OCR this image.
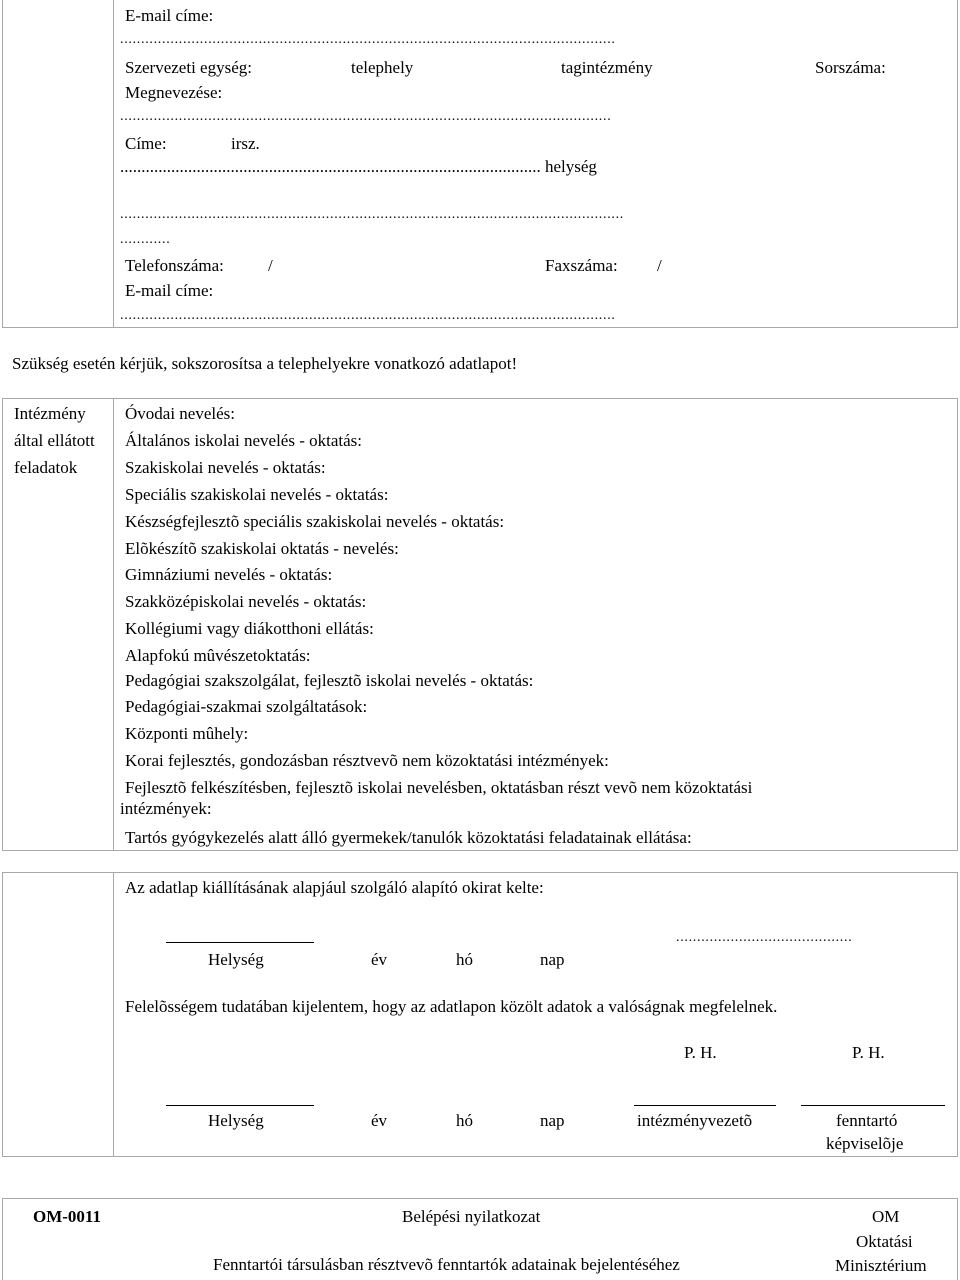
E-mail címe:
......................................................................................................................
Szervezeti egység:	telephely	tagintézmény	Sorszáma:
Megnevezése:
.....................................................................................................................
Címe:	irsz.
................................................................................................... helység
........................................................................................................................
............
Telefonszáma:	/	Faxszáma: /
E-mail címe:
......................................................................................................................
Szükség esetén kérjük, sokszorosítsa a telephelyekre vonatkozó adatlapot!
Intézmény
által ellátott
feladatok
Óvodai nevelés:
Általános iskolai nevelés - oktatás:
Szakiskolai nevelés - oktatás:
Speciális szakiskolai nevelés - oktatás:
Készségfejlesztõ speciális szakiskolai nevelés - oktatás:
Elõkészítõ szakiskolai oktatás - nevelés:
Gimnáziumi nevelés - oktatás:
Szakközépiskolai nevelés - oktatás:
Kollégiumi vagy diákotthoni ellátás:
Alapfokú mûvészetoktatás:
Pedagógiai szakszolgálat, fejlesztõ iskolai nevelés - oktatás:
Pedagógiai-szakmai szolgáltatások:
Központi mûhely:
Korai fejlesztés, gondozásban résztvevõ nem közoktatási intézmények:
Fejlesztõ felkészítésben, fejlesztõ iskolai nevelésben, oktatásban részt vevõ nem közoktatási
intézmények:
Tartós gyógykezelés alatt álló gyermekek/tanulók közoktatási feladatainak ellátása:
Az adatlap kiállításának alapjául szolgáló alapító okirat kelte:
..........................................
Helység	év	hó	nap
Felelõsségem tudatában kijelentem, hogy az adatlapon közölt adatok a valóságnak megfelelnek.
P. H.	P. H.
Helység	év	hó	nap	intézményvezetõ	fenntartó
képviselõje
OM-0011	Belépési nyilatkozat
Fenntartói társulásban résztvevõ fenntartók adatainak bejelentéséhez
OM
Oktatási
Minisztérium
